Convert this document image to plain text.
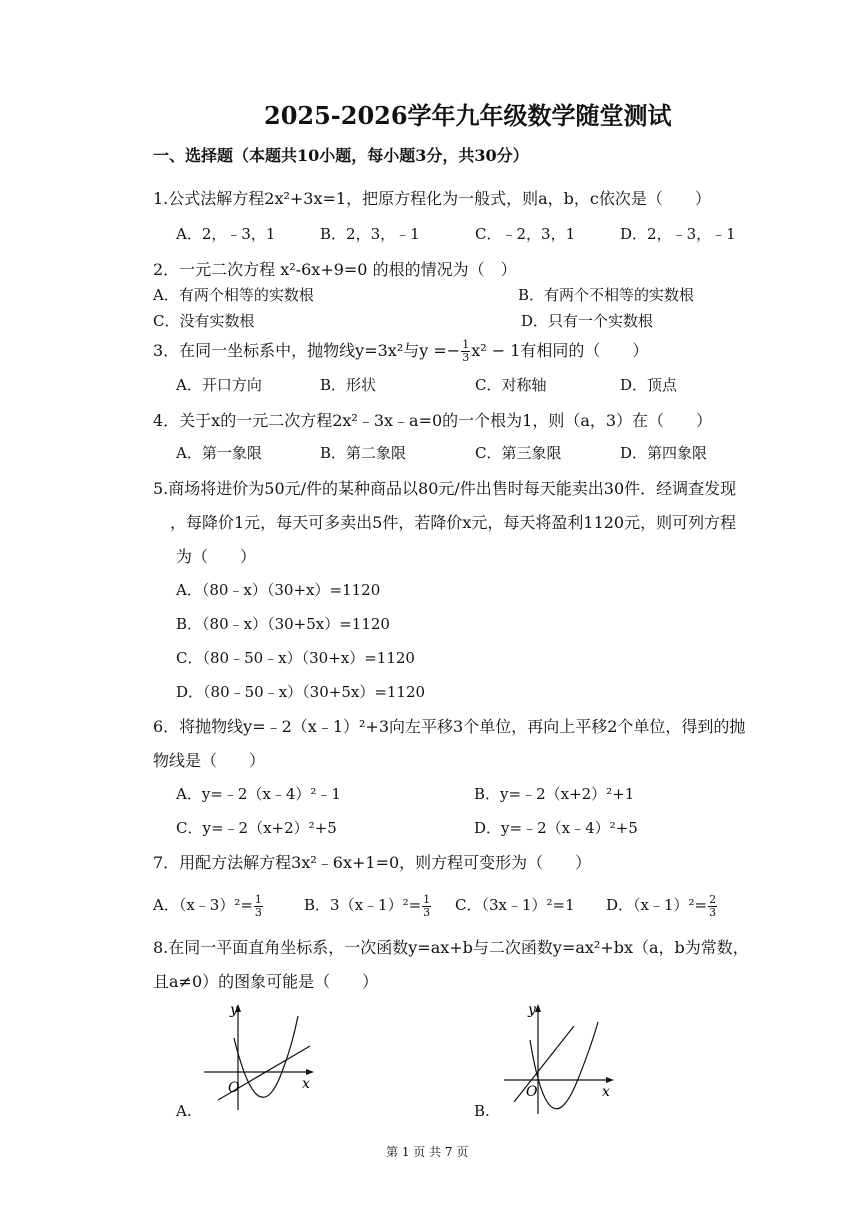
2025-2026学年九年级数学随堂测试
一、选择题（本题共10小题，每小题3分，共30分）
1.公式法解方程2x²+3x=1，把原方程化为一般式，则a，b，c依次是（　　）
A．2，﹣3，1	B．2，3，﹣1	C．﹣2，3，1	D．2，﹣3，﹣1
2．一元二次方程 x²-6x+9=0 的根的情况为（　）
A．有两个相等的实数根	B．有两个不相等的实数根
C．没有实数根	D．只有一个实数根
3．在同一坐标系中，抛物线y=3x²与$y =- \frac{1}{3} x^2 - 1$有相同的（　　）
A．开口方向	B．形状	C．对称轴	D．顶点
4．关于x的一元二次方程2x²﹣3x﹣a=0的一个根为1，则（a，3）在（　　）
A．第一象限	B．第二象限	C．第三象限	D．第四象限
5.商场将进价为50元/件的某种商品以80元/件出售时每天能卖出30件．经调查发现
，每降价1元，每天可多卖出5件，若降价x元，每天将盈利1120元，则可列方程
为（　　）
A．（80﹣x）（30+x）=1120
B．（80﹣x）（30+5x）=1120
C．（80﹣50﹣x）（30+x）=1120
D．（80﹣50﹣x）（30+5x）=1120
6．将抛物线y=﹣2（x﹣1）²+3向左平移3个单位，再向上平移2个单位，得到的抛
物线是（　　）
A．y=﹣2（x﹣4）²﹣1	B．y=﹣2（x+2）²+1
C．y=﹣2（x+2）²+5	D．y=﹣2（x﹣4）²+5
7．用配方法解方程3x²﹣6x+1=0，则方程可变形为（　　）
A．（x﹣3）²= $\frac{1}{3}$	B．3（x﹣1）²= $\frac{1}{3}$ C．（3x﹣1）²=1 D．（x﹣1）²= $\frac{2}{3}$
8.在同一平面直角坐标系，一次函数y=ax+b与二次函数y=ax²+bx（a，b为常数，
且a≠0）的图象可能是（　　）
y
x
O
A.
y
x
O
B.
第 1 页 共 7 页
